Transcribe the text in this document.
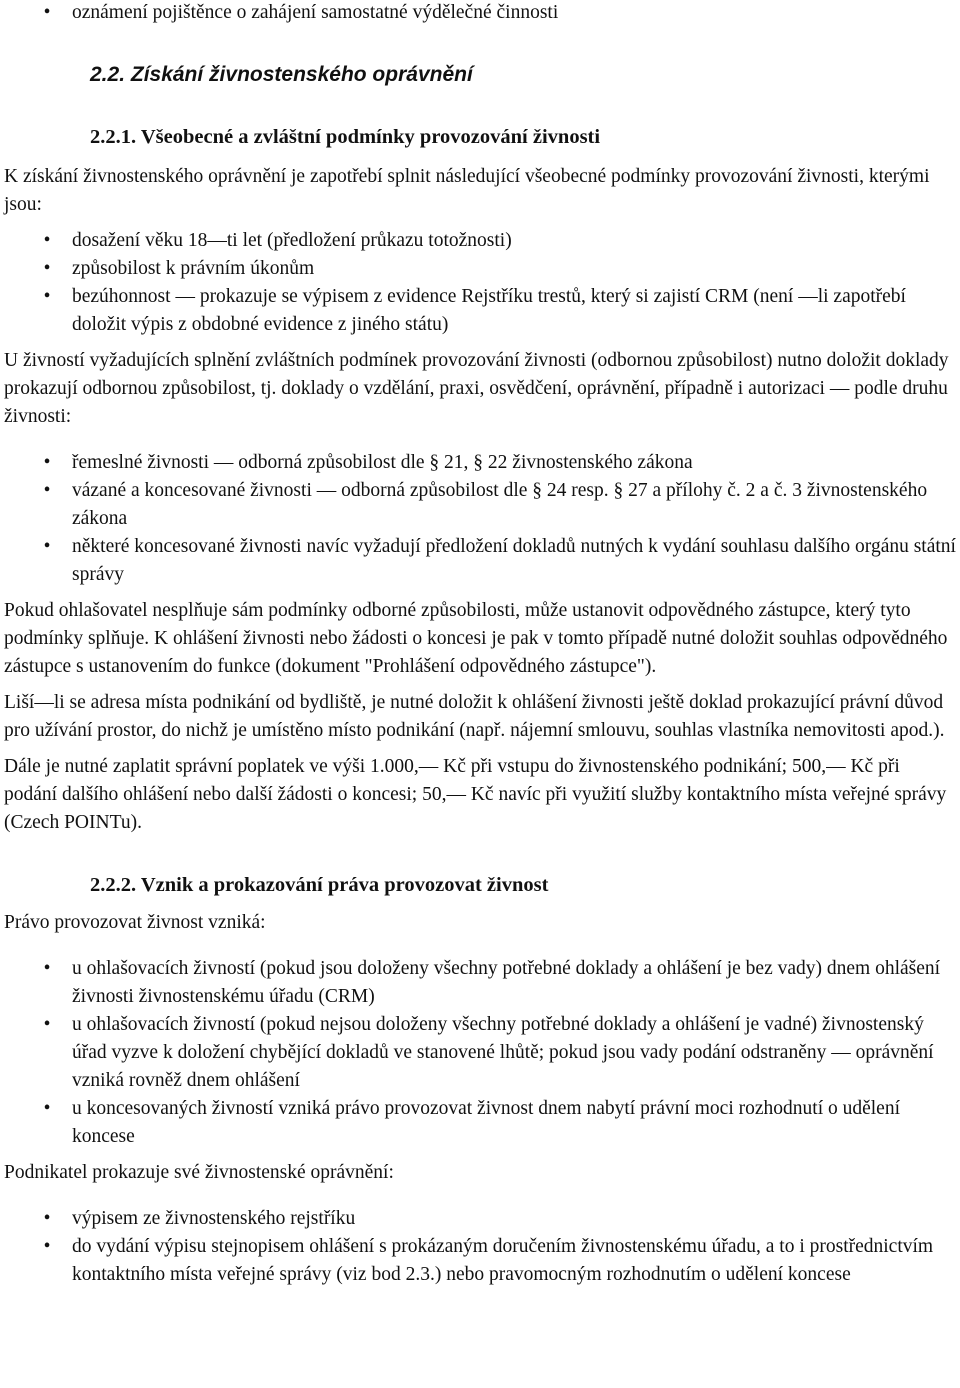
• oznámení pojištěnce o zahájení samostatné výdělečné činnosti
2.2. Získání živnostenského oprávnění
2.2.1. Všeobecné a zvláštní podmínky provozování živnosti

K získání živnostenského oprávnění je zapotřebí splnit následující všeobecné podmínky provozování živnosti, kterými jsou:

• dosažení věku 18—ti let (předložení průkazu totožnosti)
• způsobilost k právním úkonům
• bezúhonnost — prokazuje se výpisem z evidence Rejstříku trestů, který si zajistí CRM (není —li zapotřebí doložit výpis z obdobné evidence z jiného státu)

U živností vyžadujících splnění zvláštních podmínek provozování živnosti (odbornou způsobilost) nutno doložit doklady prokazují odbornou způsobilost, tj. doklady o vzdělání, praxi, osvědčení, oprávnění, případně i autorizaci — podle druhu živnosti:

• řemeslné živnosti — odborná způsobilost dle § 21, § 22 živnostenského zákona
• vázané a koncesované živnosti — odborná způsobilost dle § 24 resp. § 27 a přílohy č. 2 a č. 3 živnostenského zákona
• některé koncesované živnosti navíc vyžadují předložení dokladů nutných k vydání souhlasu dalšího orgánu státní správy

Pokud ohlašovatel nesplňuje sám podmínky odborné způsobilosti, může ustanovit odpovědného zástupce, který tyto podmínky splňuje. K ohlášení živnosti nebo žádosti o koncesi je pak v tomto případě nutné doložit souhlas odpovědného zástupce s ustanovením do funkce (dokument "Prohlášení odpovědného zástupce").

Liší—li se adresa místa podnikání od bydliště, je nutné doložit k ohlášení živnosti ještě doklad prokazující právní důvod pro užívání prostor, do nichž je umístěno místo podnikání (např. nájemní smlouvu, souhlas vlastníka nemovitosti apod.).

Dále je nutné zaplatit správní poplatek ve výši 1.000,— Kč při vstupu do živnostenského podnikání; 500,— Kč při podání dalšího ohlášení nebo další žádosti o koncesi; 50,— Kč navíc při využití služby kontaktního místa veřejné správy (Czech POINTu).

2.2.2. Vznik a prokazování práva provozovat živnost

Právo provozovat živnost vzniká:

• u ohlašovacích živností (pokud jsou doloženy všechny potřebné doklady a ohlášení je bez vady) dnem ohlášení živnosti živnostenskému úřadu (CRM)
• u ohlašovacích živností (pokud nejsou doloženy všechny potřebné doklady a ohlášení je vadné) živnostenský úřad vyzve k doložení chybějící dokladů ve stanovené lhůtě; pokud jsou vady podání odstraněny — oprávnění vzniká rovněž dnem ohlášení
• u koncesovaných živností vzniká právo provozovat živnost dnem nabytí právní moci rozhodnutí o udělení koncese

Podnikatel prokazuje své živnostenské oprávnění:

• výpisem ze živnostenského rejstříku
• do vydání výpisu stejnopisem ohlášení s prokázaným doručením živnostenskému úřadu, a to i prostřednictvím kontaktního místa veřejné správy (viz bod 2.3.) nebo pravomocným rozhodnutím o udělení koncese
